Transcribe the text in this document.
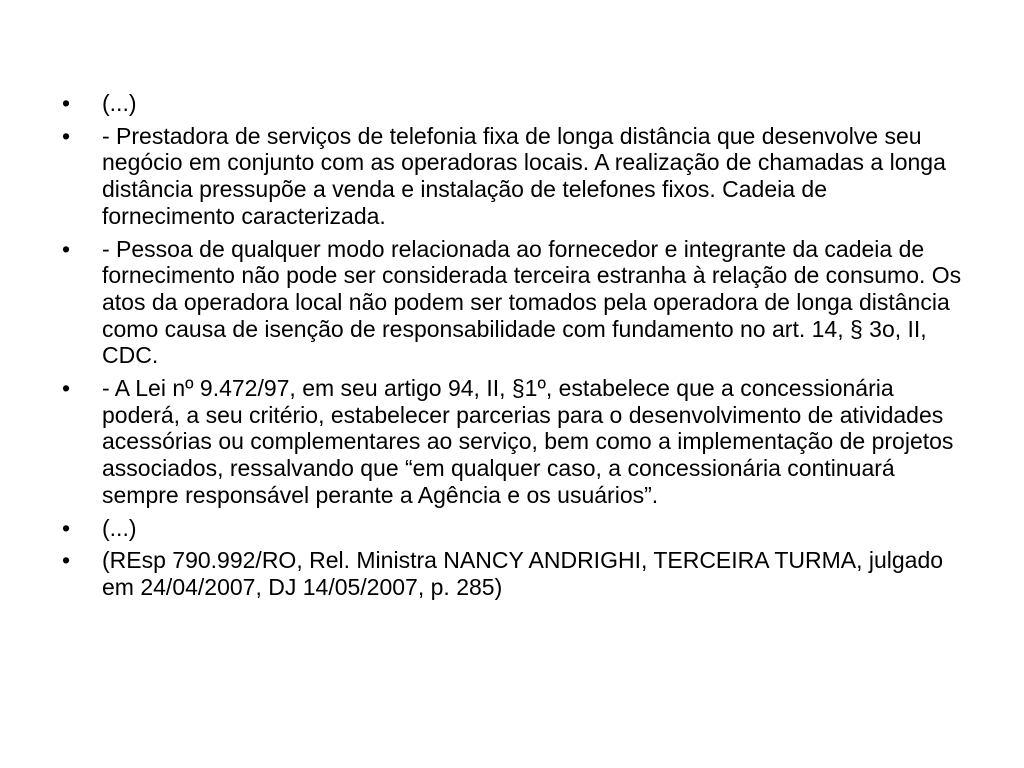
•	(...)
•	- Prestadora de serviços de telefonia fixa de longa distância que desenvolve seu negócio em conjunto com as operadoras locais. A realização de chamadas a longa distância pressupõe a venda e instalação de telefones fixos. Cadeia de fornecimento caracterizada.
•	- Pessoa de qualquer modo relacionada ao fornecedor e integrante da cadeia de fornecimento não pode ser considerada terceira estranha à relação de consumo. Os atos da operadora local não podem ser tomados pela operadora de longa distância como causa de isenção de responsabilidade com fundamento no art. 14, § 3o, II, CDC.
•	- A Lei nº 9.472/97, em seu artigo 94, II, §1º, estabelece que a concessionária poderá, a seu critério, estabelecer parcerias para o desenvolvimento de atividades acessórias ou complementares ao serviço, bem como a implementação de projetos associados, ressalvando que “em qualquer caso, a concessionária continuará sempre responsável perante a Agência e os usuários”.
•	(...)
•	(REsp 790.992/RO, Rel. Ministra NANCY ANDRIGHI, TERCEIRA TURMA, julgado em 24/04/2007, DJ 14/05/2007, p. 285)
